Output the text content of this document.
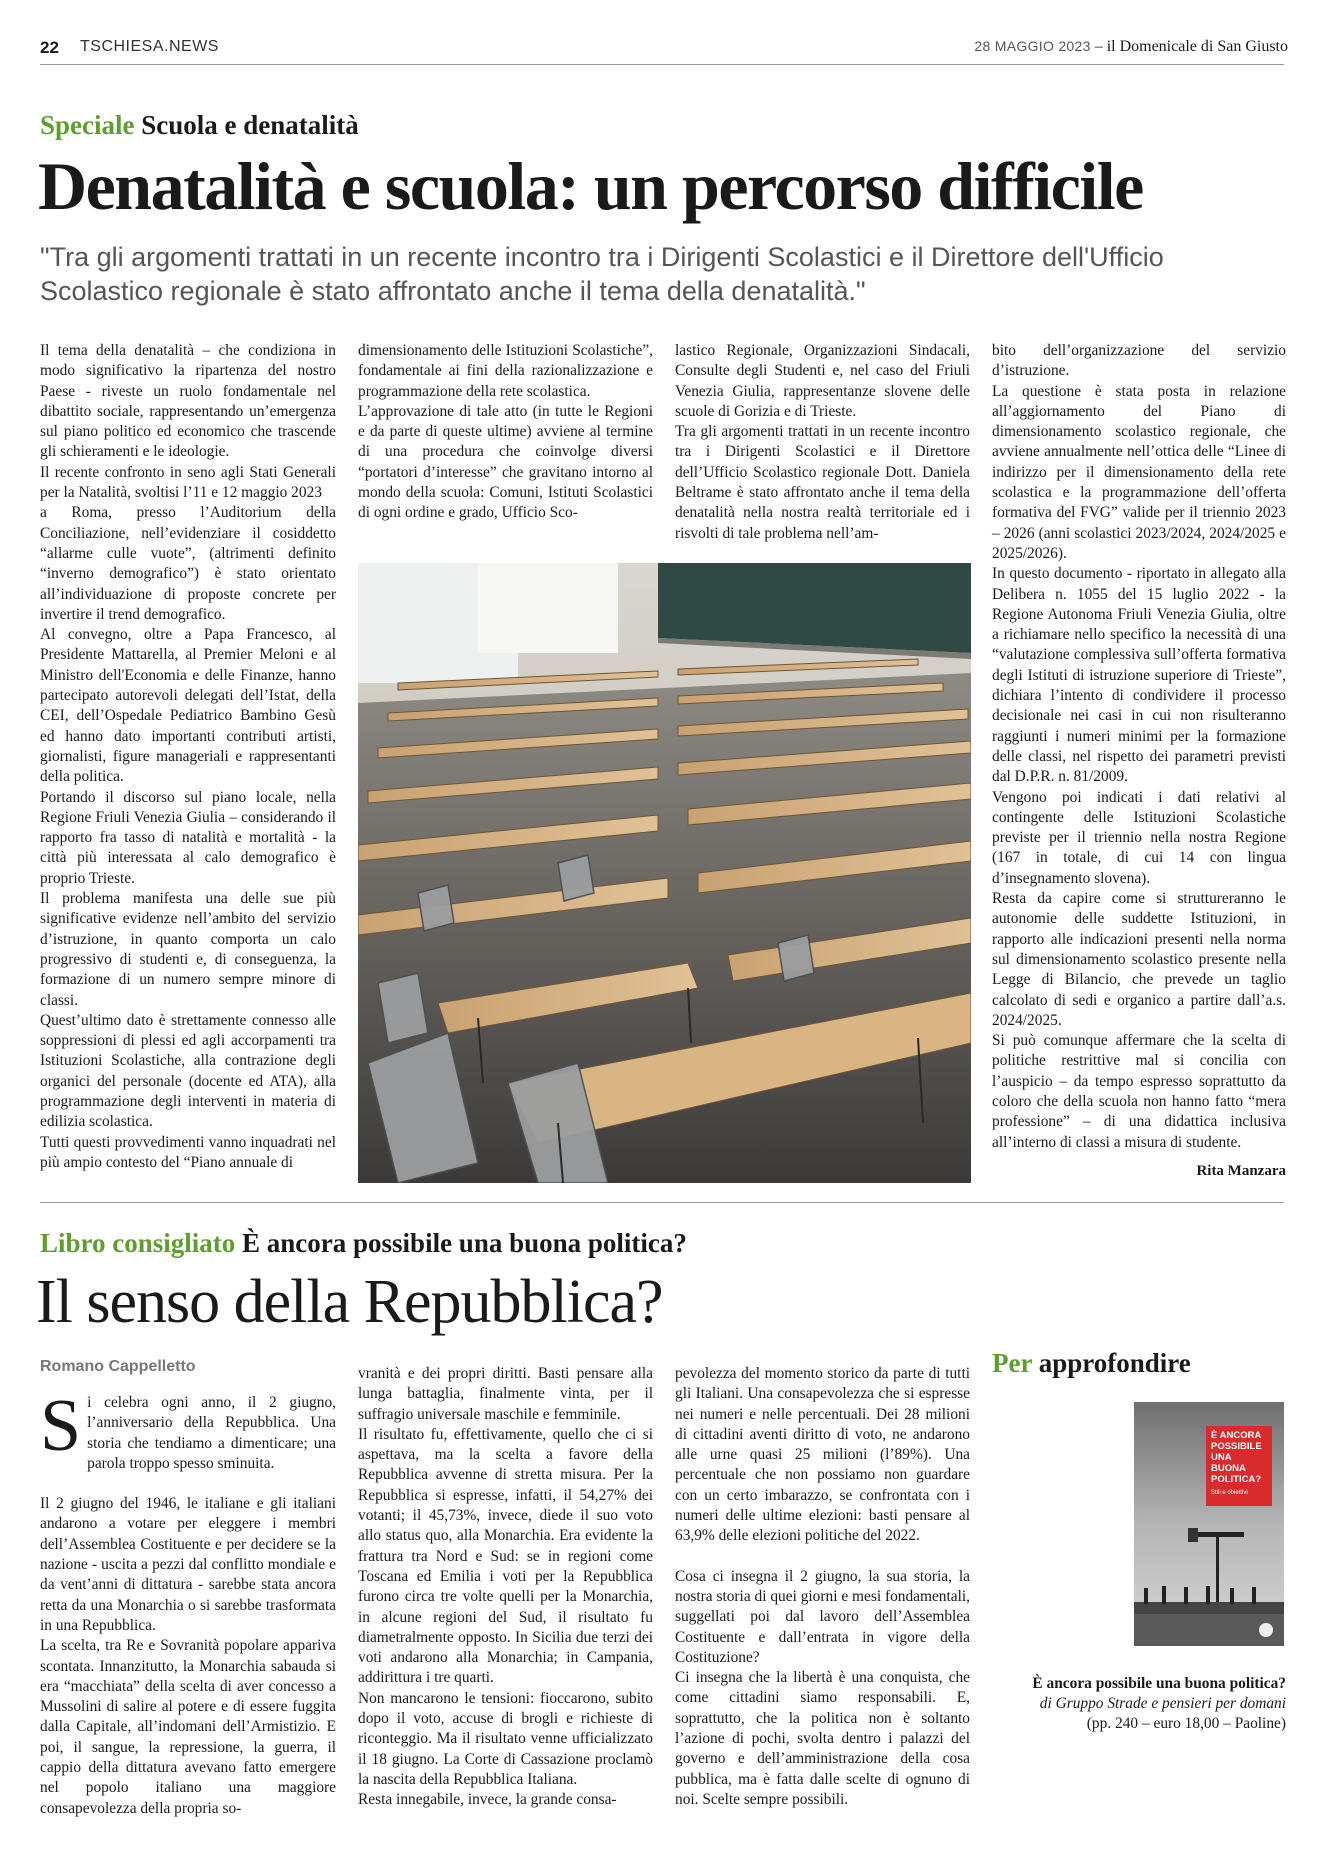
22 TSCHIESA.NEWS	28 MAGGIO 2023 – il Domenicale di San Giusto
Speciale Scuola e denatalità
Denatalità e scuola: un percorso difficile
"Tra gli argomenti trattati in un recente incontro tra i Dirigenti Scolastici e il Direttore dell'Ufficio Scolastico regionale è stato affrontato anche il tema della denatalità."

Il tema della denatalità – che condiziona in modo significativo la ripartenza del nostro Paese - riveste un ruolo fondamentale nel dibattito sociale, rappresentando un’emergenza sul piano politico ed economico che trascende gli schieramenti e le ideologie.

Il recente confronto in seno agli Stati Generali per la Natalità, svoltisi l’11 e 12 maggio 2023

a Roma, presso l’Auditorium della Conciliazione, nell’evidenziare il cosiddetto “allarme culle vuote”, (altrimenti definito “inverno demografico”) è stato orientato all’individuazione di proposte concrete per invertire il trend demografico.

Al convegno, oltre a Papa Francesco, al Presidente Mattarella, al Premier Meloni e al Ministro dell'Economia e delle Finanze, hanno partecipato autorevoli delegati dell’Istat, della CEI, dell’Ospedale Pediatrico Bambino Gesù ed hanno dato importanti contributi artisti, giornalisti, figure manageriali e rappresentanti della politica.

Portando il discorso sul piano locale, nella Regione Friuli Venezia Giulia – considerando il rapporto fra tasso di natalità e mortalità - la città più interessata al calo demografico è proprio Trieste.

Il problema manifesta una delle sue più significative evidenze nell’ambito del servizio d’istruzione, in quanto comporta un calo progressivo di studenti e, di conseguenza, la formazione di un numero sempre minore di classi.

Quest’ultimo dato è strettamente connesso alle soppressioni di plessi ed agli accorpamenti tra Istituzioni Scolastiche, alla contrazione degli organici del personale (docente ed ATA), alla programmazione degli interventi in materia di edilizia scolastica.

Tutti questi provvedimenti vanno inquadrati nel più ampio contesto del “Piano annuale di

dimensionamento delle Istituzioni Scolastiche”, fondamentale ai fini della razionalizzazione e programmazione della rete scolastica.

L’approvazione di tale atto (in tutte le Regioni e da parte di queste ultime) avviene al termine di una procedura che coinvolge diversi “portatori d’interesse” che gravitano intorno al mondo della scuola: Comuni, Istituti Scolastici di ogni ordine e grado, Ufficio Sco-

lastico Regionale, Organizzazioni Sindacali, Consulte degli Studenti e, nel caso del Friuli Venezia Giulia, rappresentanze slovene delle scuole di Gorizia e di Trieste.

Tra gli argomenti trattati in un recente incontro tra i Dirigenti Scolastici e il Direttore dell’Ufficio Scolastico regionale Dott. Daniela Beltrame è stato affrontato anche il tema della denatalità nella nostra realtà territoriale ed i risvolti di tale problema nell’am-

bito dell’organizzazione del servizio d’istruzione.

La questione è stata posta in relazione all’aggiornamento del Piano di dimensionamento scolastico regionale, che avviene annualmente nell’ottica delle “Linee di indirizzo per il dimensionamento della rete scolastica e la programmazione dell’offerta formativa del FVG” valide per il triennio 2023 – 2026 (anni scolastici 2023/2024, 2024/2025 e 2025/2026).

In questo documento - riportato in allegato alla Delibera n. 1055 del 15 luglio 2022 - la Regione Autonoma Friuli Venezia Giulia, oltre a richiamare nello specifico la necessità di una “valutazione complessiva sull’offerta formativa degli Istituti di istruzione superiore di Trieste”, dichiara l’intento di condividere il processo decisionale nei casi in cui non risulteranno raggiunti i numeri minimi per la formazione delle classi, nel rispetto dei parametri previsti dal D.P.R. n. 81/2009.

Vengono poi indicati i dati relativi al contingente delle Istituzioni Scolastiche previste per il triennio nella nostra Regione (167 in totale, di cui 14 con lingua d’insegnamento slovena).

Resta da capire come si struttureranno le autonomie delle suddette Istituzioni, in rapporto alle indicazioni presenti nella norma sul dimensionamento scolastico presente nella Legge di Bilancio, che prevede un taglio calcolato di sedi e organico a partire dall’a.s. 2024/2025.

Si può comunque affermare che la scelta di politiche restrittive mal si concilia con l’auspicio – da tempo espresso soprattutto da coloro che della scuola non hanno fatto “mera professione” – di una didattica inclusiva all’interno di classi a misura di studente.

Rita Manzara
Libro consigliato È ancora possibile una buona politica?
Il senso della Repubblica?
Romano Cappelletto

Si celebra ogni anno, il 2 giugno, l’anniversario della Repubblica. Una storia che tendiamo a dimenticare; una parola troppo spesso sminuita.

Il 2 giugno del 1946, le italiane e gli italiani andarono a votare per eleggere i membri dell’Assemblea Costituente e per decidere se la nazione - uscita a pezzi dal conflitto mondiale e da vent’anni di dittatura - sarebbe stata ancora retta da una Monarchia o si sarebbe trasformata in una Repubblica.

La scelta, tra Re e Sovranità popolare appariva scontata. Innanzitutto, la Monarchia sabauda si era “macchiata” della scelta di aver concesso a Mussolini di salire al potere e di essere fuggita dalla Capitale, all’indomani dell’Armistizio. E poi, il sangue, la repressione, la guerra, il cappio della dittatura avevano fatto emergere nel popolo italiano una maggiore consapevolezza della propria so-

vranità e dei propri diritti. Basti pensare alla lunga battaglia, finalmente vinta, per il suffragio universale maschile e femminile.

Il risultato fu, effettivamente, quello che ci si aspettava, ma la scelta a favore della Repubblica avvenne di stretta misura. Per la Repubblica si espresse, infatti, il 54,27% dei votanti; il 45,73%, invece, diede il suo voto allo status quo, alla Monarchia. Era evidente la frattura tra Nord e Sud: se in regioni come Toscana ed Emilia i voti per la Repubblica furono circa tre volte quelli per la Monarchia, in alcune regioni del Sud, il risultato fu diametralmente opposto. In Sicilia due terzi dei voti andarono alla Monarchia; in Campania, addirittura i tre quarti.

Non mancarono le tensioni: fioccarono, subito dopo il voto, accuse di brogli e richieste di riconteggio. Ma il risultato venne ufficializzato il 18 giugno. La Corte di Cassazione proclamò la nascita della Repubblica Italiana.

Resta innegabile, invece, la grande consa-

pevolezza del momento storico da parte di tutti gli Italiani. Una consapevolezza che si espresse nei numeri e nelle percentuali. Dei 28 milioni di cittadini aventi diritto di voto, ne andarono alle urne quasi 25 milioni (l’89%). Una percentuale che non possiamo non guardare con un certo imbarazzo, se confrontata con i numeri delle ultime elezioni: basti pensare al 63,9% delle elezioni politiche del 2022.

Cosa ci insegna il 2 giugno, la sua storia, la nostra storia di quei giorni e mesi fondamentali, suggellati poi dal lavoro dell’Assemblea Costituente e dall’entrata in vigore della Costituzione?

Ci insegna che la libertà è una conquista, che come cittadini siamo responsabili. E, soprattutto, che la politica non è soltanto l’azione di pochi, svolta dentro i palazzi del governo e dell’amministrazione della cosa pubblica, ma è fatta dalle scelte di ognuno di noi. Scelte sempre possibili.

Per approfondire
È ANCORA
POSSIBILE
UNA BUONA
POLITICA?
Stili e obiettivi
È ancora possibile una buona politica?
di Gruppo Strade e pensieri per domani
(pp. 240 – euro 18,00 – Paoline)
